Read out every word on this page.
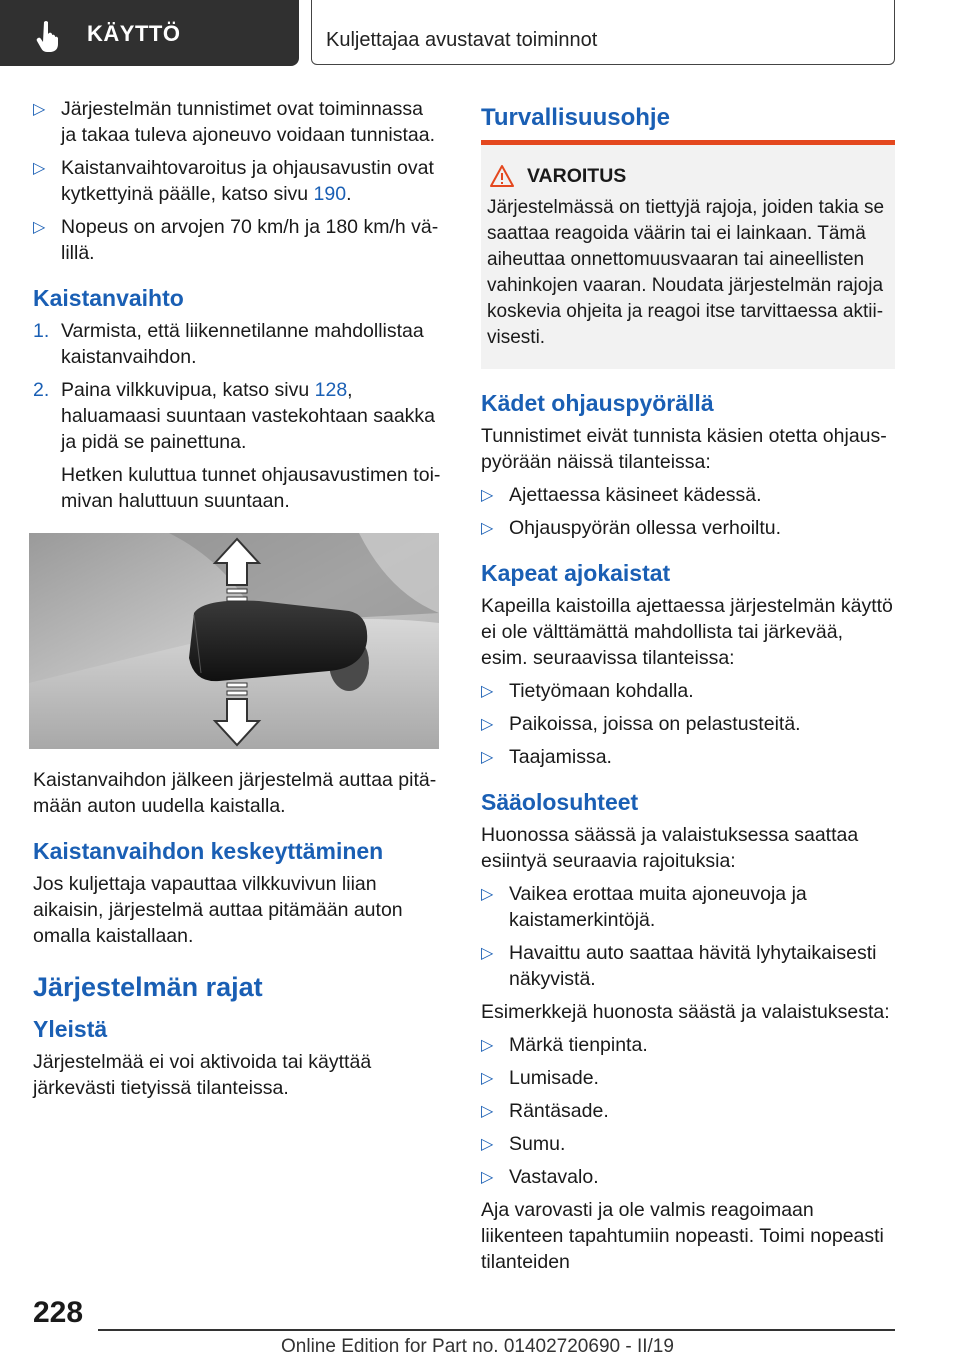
KÄYTTÖ	Kuljettajaa avustavat toiminnot
▷ Järjestelmän tunnistimet ovat toiminnassa ja takaa tuleva ajoneuvo voidaan tunnistaa.
▷ Kaistanvaihtovaroitus ja ohjausavustin ovat kytkettyinä päälle, katso sivu 190.
▷ Nopeus on arvojen 70 km/h ja 180 km/h välillä.
Kaistanvaihto
1. Varmista, että liikennetilanne mahdollistaa kaistanvaihdon.
2. Paina vilkkuvipua, katso sivu 128, haluamaasi suuntaan vastekohtaan saakka ja pidä se painettuna.
Hetken kuluttua tunnet ohjausavustimen toimivan haluttuun suuntaan.

Kaistanvaihdon jälkeen järjestelmä auttaa pitämään auton uudella kaistalla.

Kaistanvaihdon keskeyttäminen

Jos kuljettaja vapauttaa vilkkuvivun liian aikaisin, järjestelmä auttaa pitämään auton omalla kaistallaan.

Järjestelmän rajat
Yleistä

Järjestelmää ei voi aktivoida tai käyttää järkevästi tietyissä tilanteissa.

Turvallisuusohje
VAROITUS
Järjestelmässä on tiettyjä rajoja, joiden takia se saattaa reagoida väärin tai ei lainkaan. Tämä aiheuttaa onnettomuusvaaran tai aineellisten vahinkojen vaaran. Noudata järjestelmän rajoja koskevia ohjeita ja reagoi itse tarvittaessa aktiivisesti.
Kädet ohjauspyörällä

Tunnistimet eivät tunnista käsien otetta ohjauspyörään näissä tilanteissa:

▷ Ajettaessa käsineet kädessä.
▷ Ohjauspyörän ollessa verhoiltu.
Kapeat ajokaistat

Kapeilla kaistoilla ajettaessa järjestelmän käyttö ei ole välttämättä mahdollista tai järkevää, esim. seuraavissa tilanteissa:

▷ Tietyömaan kohdalla.
▷ Paikoissa, joissa on pelastusteitä.
▷ Taajamissa.
Sääolosuhteet

Huonossa säässä ja valaistuksessa saattaa esiintyä seuraavia rajoituksia:

▷ Vaikea erottaa muita ajoneuvoja ja kaistamerkintöjä.
▷ Havaittu auto saattaa hävitä lyhytaikaisesti näkyvistä.

Esimerkkejä huonosta säästä ja valaistuksesta:

▷ Märkä tienpinta.
▷ Lumisade.
▷ Räntäsade.
▷ Sumu.
▷ Vastavalo.

Aja varovasti ja ole valmis reagoimaan liikenteen tapahtumiin nopeasti. Toimi nopeasti tilanteiden

228
Online Edition for Part no. 01402720690 - II/19
